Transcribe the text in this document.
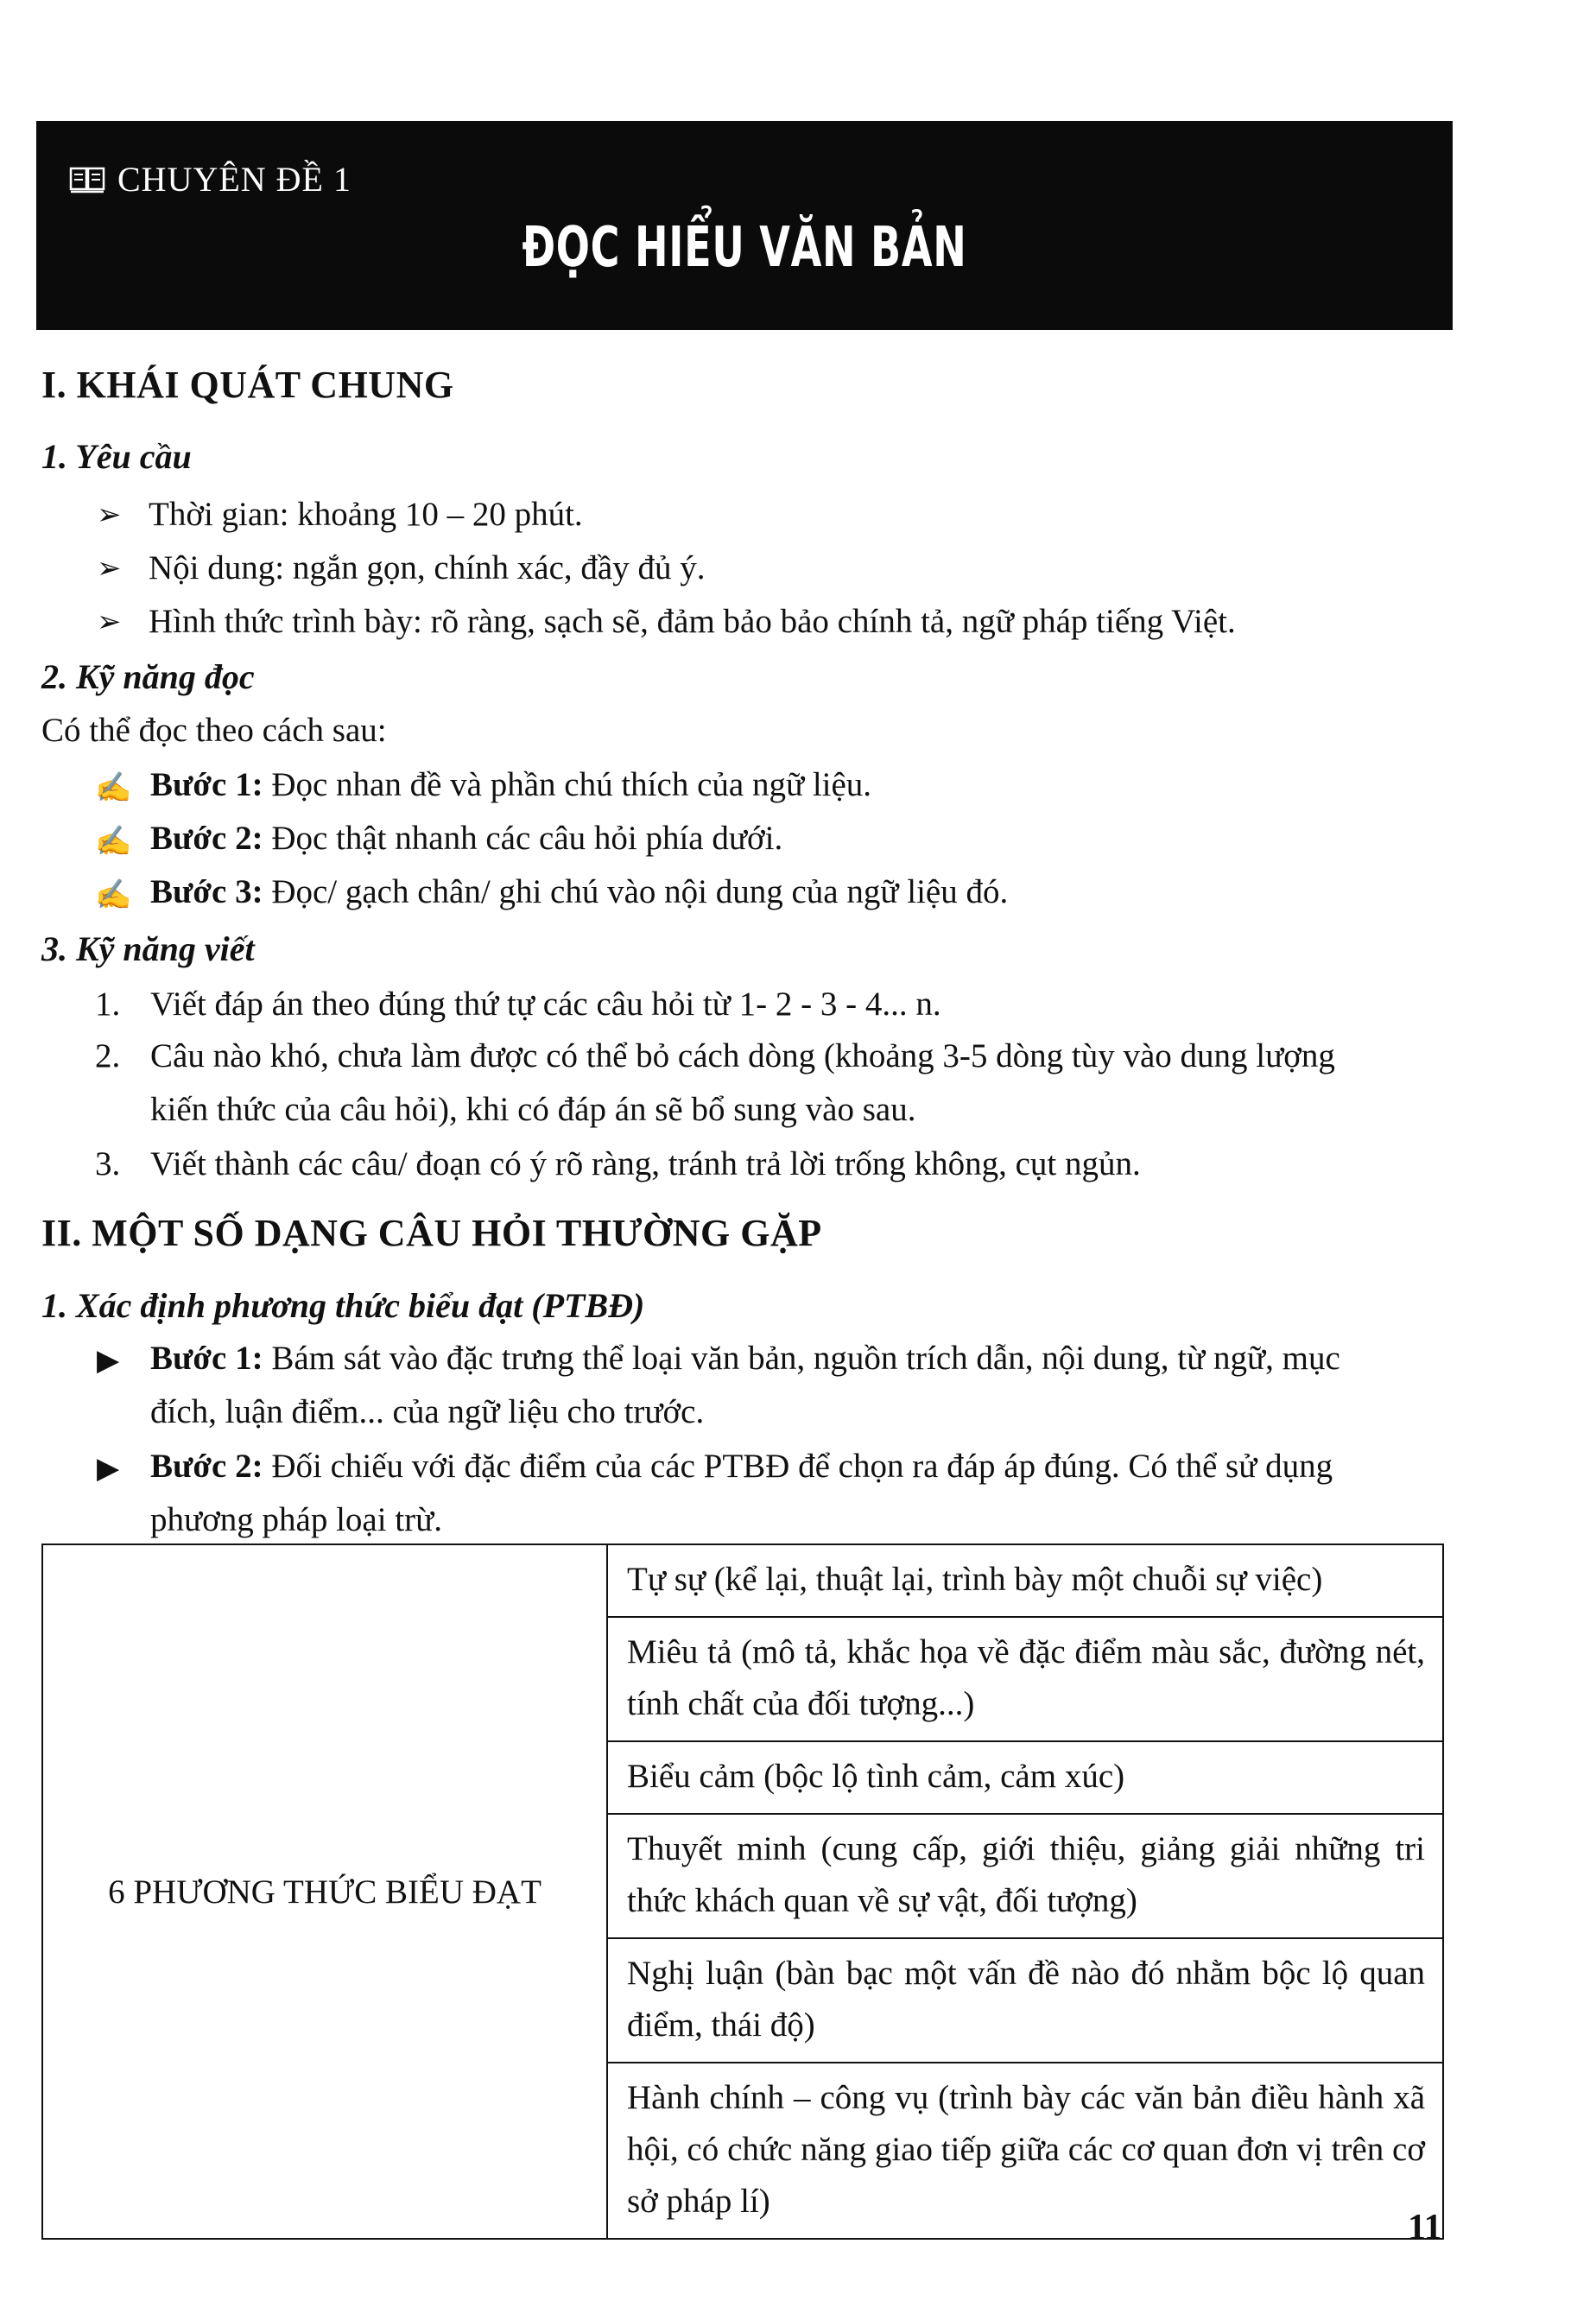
CHUYÊN ĐỀ 1
ĐỌC HIỂU VĂN BẢN
I. KHÁI QUÁT CHUNG
1. Yêu cầu
➢ Thời gian: khoảng 10 – 20 phút.
➢ Nội dung: ngắn gọn, chính xác, đầy đủ ý.
➢ Hình thức trình bày: rõ ràng, sạch sẽ, đảm bảo bảo chính tả, ngữ pháp tiếng Việt.
2. Kỹ năng đọc
Có thể đọc theo cách sau:
✍ Bước 1: Đọc nhan đề và phần chú thích của ngữ liệu.
✍ Bước 2: Đọc thật nhanh các câu hỏi phía dưới.
✍ Bước 3: Đọc/ gạch chân/ ghi chú vào nội dung của ngữ liệu đó.
3. Kỹ năng viết
1. Viết đáp án theo đúng thứ tự các câu hỏi từ 1- 2 - 3 - 4... n.
2. Câu nào khó, chưa làm được có thể bỏ cách dòng (khoảng 3-5 dòng tùy vào dung lượng
kiến thức của câu hỏi), khi có đáp án sẽ bổ sung vào sau.
3. Viết thành các câu/ đoạn có ý rõ ràng, tránh trả lời trống không, cụt ngủn.
II. MỘT SỐ DẠNG CÂU HỎI THƯỜNG GẶP
1. Xác định phương thức biểu đạt (PTBĐ)
▶ Bước 1: Bám sát vào đặc trưng thể loại văn bản, nguồn trích dẫn, nội dung, từ ngữ, mục
đích, luận điểm... của ngữ liệu cho trước.
▶ Bước 2: Đối chiếu với đặc điểm của các PTBĐ để chọn ra đáp áp đúng. Có thể sử dụng
phương pháp loại trừ.
6 PHƯƠNG THỨC BIỂU ĐẠT	Tự sự (kể lại, thuật lại, trình bày một chuỗi sự việc)
Miêu tả (mô tả, khắc họa về đặc điểm màu sắc, đường nét, tính chất của đối tượng...)
Biểu cảm (bộc lộ tình cảm, cảm xúc)
Thuyết minh (cung cấp, giới thiệu, giảng giải những tri thức khách quan về sự vật, đối tượng)
Nghị luận (bàn bạc một vấn đề nào đó nhằm bộc lộ quan điểm, thái độ)
Hành chính – công vụ (trình bày các văn bản điều hành xã hội, có chức năng giao tiếp giữa các cơ quan đơn vị trên cơ sở pháp lí)
11
